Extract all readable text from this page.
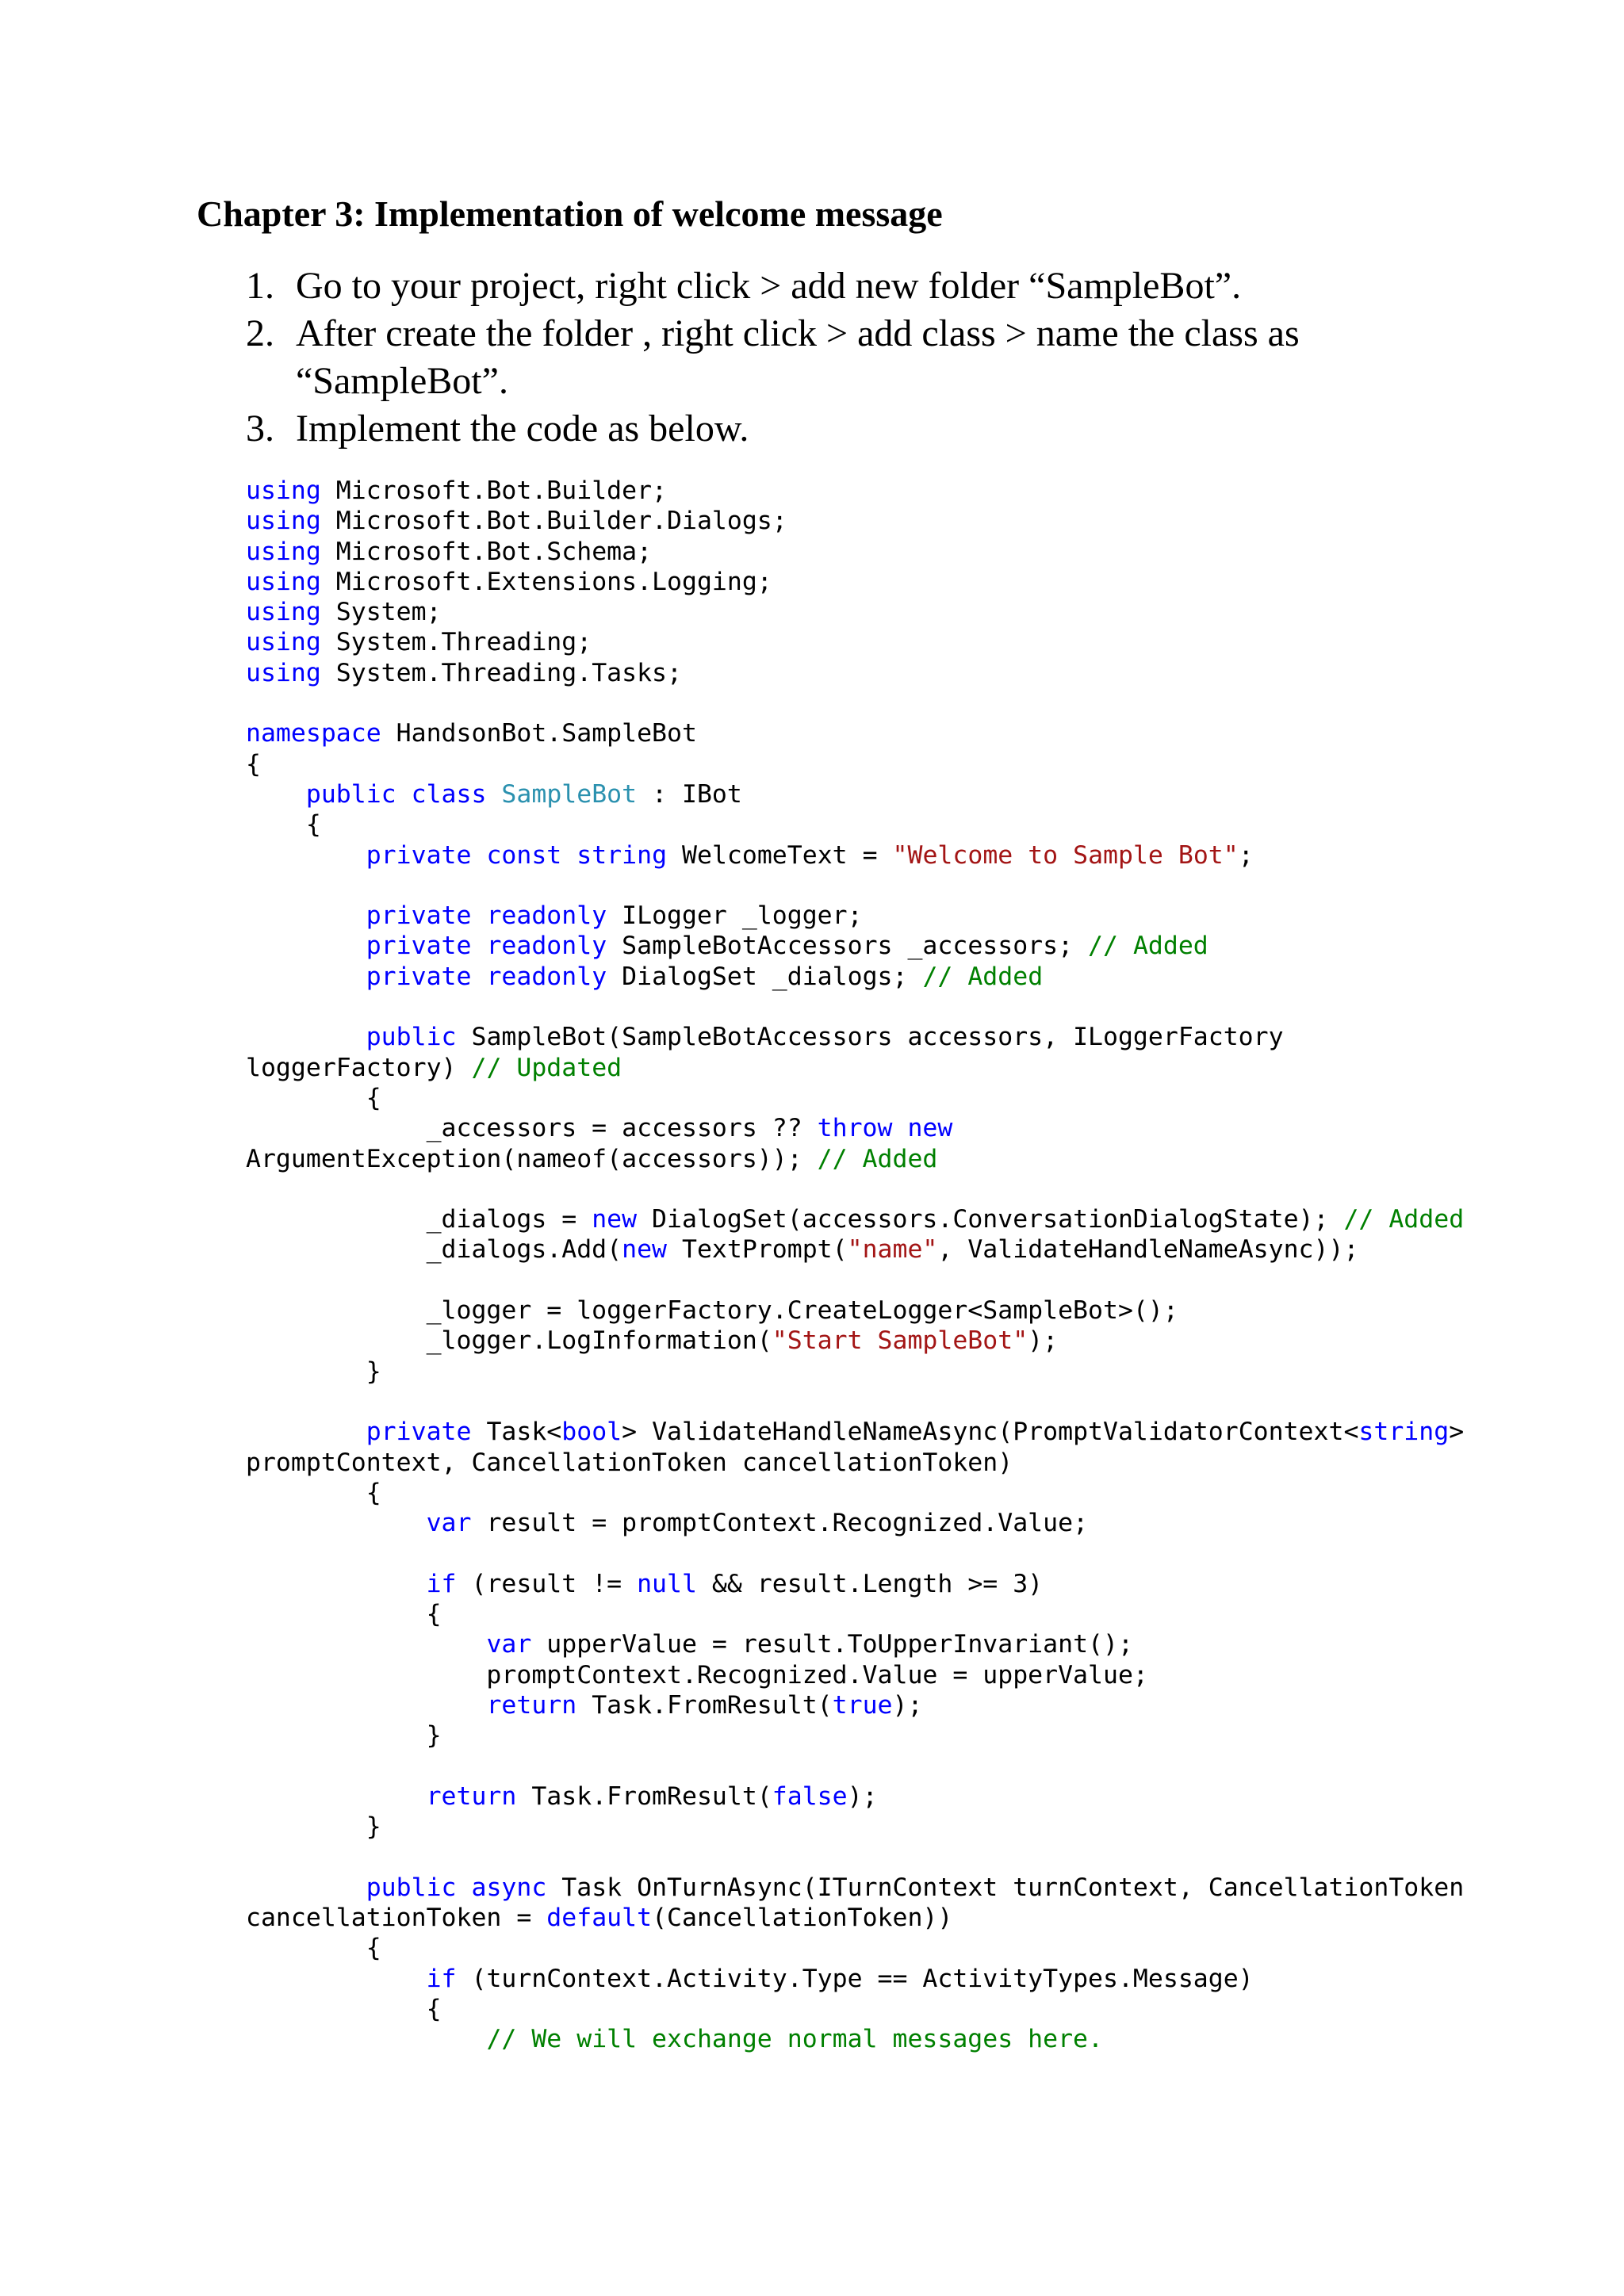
Chapter 3: Implementation of welcome message
1. Go to your project, right click > add new folder “SampleBot”.
2. After create the folder , right click > add class > name the class as “SampleBot”.
3. Implement the code as below.
using Microsoft.Bot.Builder;
using Microsoft.Bot.Builder.Dialogs;
using Microsoft.Bot.Schema;
using Microsoft.Extensions.Logging;
using System;
using System.Threading;
using System.Threading.Tasks;
namespace HandsonBot.SampleBot
{
public class SampleBot : IBot
{
private const string WelcomeText = "Welcome to Sample Bot";
private readonly ILogger _logger;
private readonly SampleBotAccessors _accessors; // Added
private readonly DialogSet _dialogs; // Added
public SampleBot(SampleBotAccessors accessors, ILoggerFactory
loggerFactory) // Updated
{
_accessors = accessors ?? throw new
ArgumentException(nameof(accessors)); // Added
_dialogs = new DialogSet(accessors.ConversationDialogState); // Added
_dialogs.Add(new TextPrompt("name", ValidateHandleNameAsync));
_logger = loggerFactory.CreateLogger<SampleBot>();
_logger.LogInformation("Start SampleBot");
}
private Task<bool> ValidateHandleNameAsync(PromptValidatorContext<string>
promptContext, CancellationToken cancellationToken)
{
var result = promptContext.Recognized.Value;
if (result != null && result.Length >= 3)
{
var upperValue = result.ToUpperInvariant();
promptContext.Recognized.Value = upperValue;
return Task.FromResult(true);
}
return Task.FromResult(false);
}
public async Task OnTurnAsync(ITurnContext turnContext, CancellationToken
cancellationToken = default(CancellationToken))
{
if (turnContext.Activity.Type == ActivityTypes.Message)
{
// We will exchange normal messages here.
